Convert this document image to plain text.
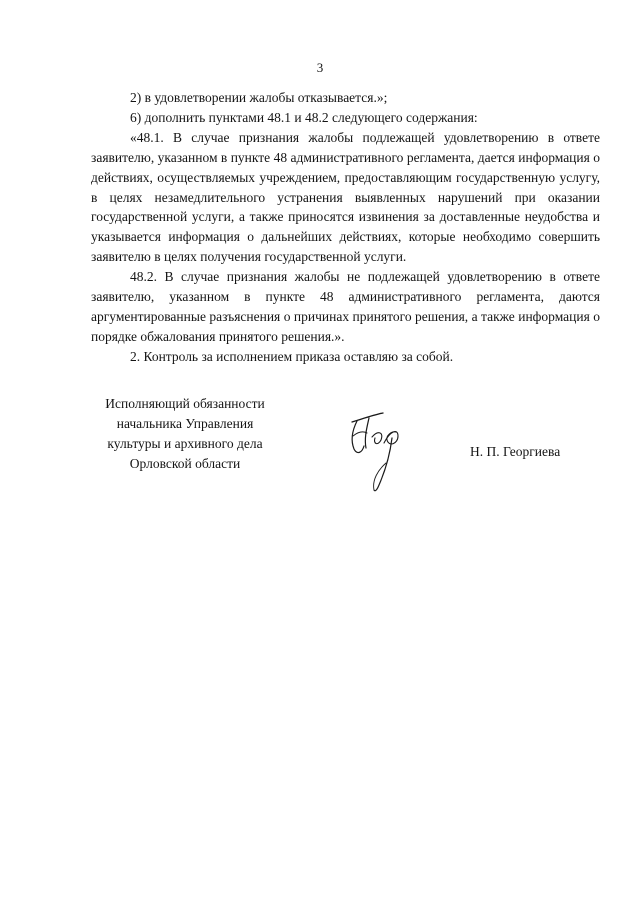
3

2) в удовлетворении жалобы отказывается.»;

6) дополнить пунктами 48.1 и 48.2 следующего содержания:

«48.1. В случае признания жалобы подлежащей удовлетворению в ответе заявителю, указанном в пункте 48 административного регламента, дается информация о действиях, осуществляемых учреждением, предоставляющим государственную услугу, в целях незамедлительного устранения выявленных нарушений при оказании государственной услуги, а также приносятся извинения за доставленные неудобства и указывается информация о дальнейших действиях, которые необходимо совершить заявителю в целях получения государственной услуги.

48.2. В случае признания жалобы не подлежащей удовлетворению в ответе заявителю, указанном в пункте 48 административного регламента, даются аргументированные разъяснения о причинах принятого решения, а также информация о порядке обжалования принятого решения.».

2. Контроль за исполнением приказа оставляю за собой.

Исполняющий обязанности
начальника Управления
культуры и архивного дела
Орловской области
Н. П. Георгиева
